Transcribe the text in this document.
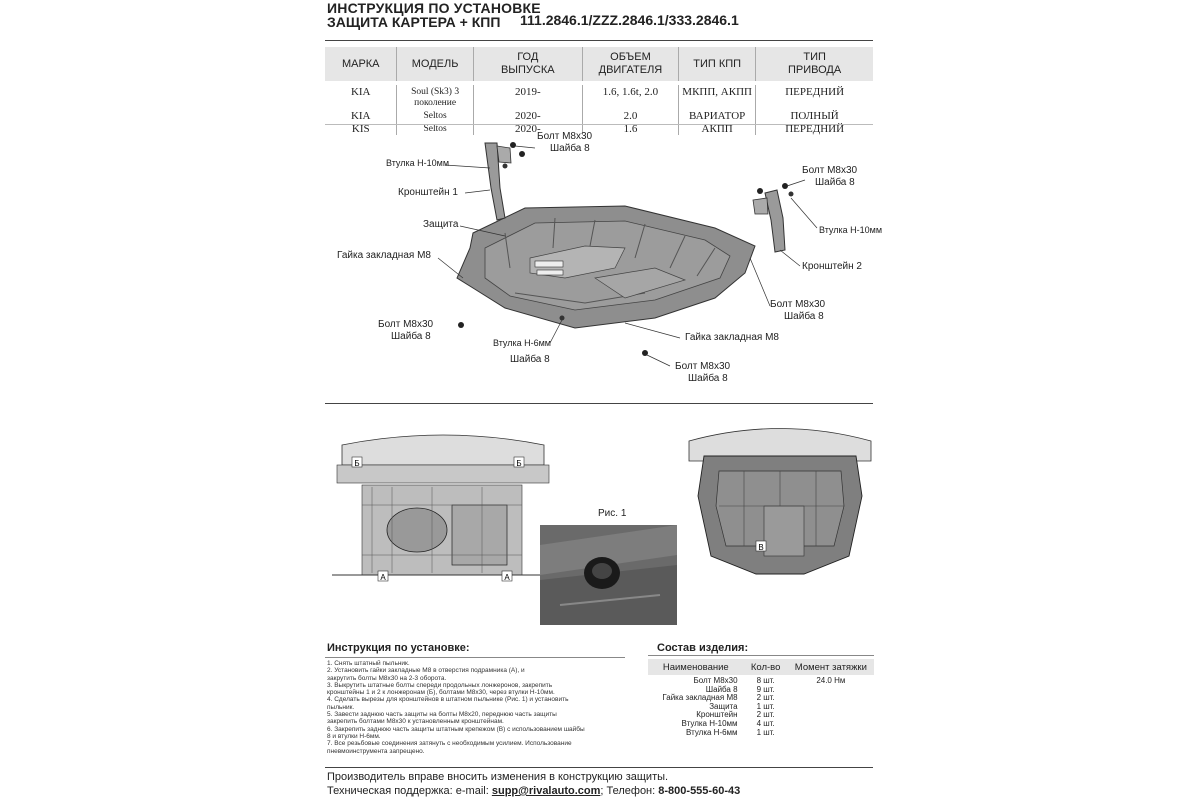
ИНСТРУКЦИЯ ПО УСТАНОВКЕ
ЗАЩИТА КАРТЕРА + КПП 111.2846.1/ZZZ.2846.1/333.2846.1
МАРКА	МОДЕЛЬ	ГОД ВЫПУСКА	ОБЪЕМ ДВИГАТЕЛЯ	ТИП КПП	ТИП ПРИВОДА

KIA	Soul (Sk3) 3 поколение	2019-	1.6, 1.6t, 2.0	МКПП, АКПП	ПЕРЕДНИЙ
KIA	Seltos	2020-	2.0	ВАРИАТОР	ПОЛНЫЙ
KIS	Seltos	2020-	1.6	АКПП	ПЕРЕДНИЙ
Болт М8х30
Шайба 8
Втулка Н-10мм
Кронштейн 1
Защита
Гайка закладная М8
Болт М8х30
Шайба 8
Втулка Н-10мм
Кронштейн 2
Болт М8х30
Шайба 8
Гайка закладная М8
Болт М8х30
Шайба 8
Втулка Н-6мм
Шайба 8
Болт М8х30
Шайба 8
А	А
Б	Б
Рис. 1
В
Инструкция по установке:
1. Снять штатный пыльник.
2. Установить гайки закладные М8 в отверстия подрамника (А), и
закрутить болты М8х30 на 2-3 оборота.
3. Выкрутить штатные болты спереди продольных лонжеронов, закрепить
кронштейны 1 и 2 к лонжеронам (Б), болтами М8х30, через втулки Н-10мм.
4. Сделать вырезы для кронштейнов в штатном пыльнике (Рис. 1) и установить
пыльник.
5. Завести заднюю часть защиты на болты М8х20, переднюю часть защиты
закрепить болтами М8х30 к установленным кронштейнам.
6. Закрепить заднюю часть защиты штатным крепежом (В) с использованием шайбы
8 и втулки Н-6мм.
7. Все резьбовые соединения затянуть с необходимым усилием. Использование
пневмоинструмента запрещено.
Состав изделия:
Наименование	Кол-во	Момент затяжки

Болт М8х30	8 шт.	24.0 Нм
Шайба 8	9 шт.	
Гайка закладная М8	2 шт.	
Защита	1 шт.	
Кронштейн	2 шт.	
Втулка Н-10мм	4 шт.	
Втулка Н-6мм	1 шт.	
Производитель вправе вносить изменения в конструкцию защиты.
Техническая поддержка: e-mail: supp@rivalauto.com; Телефон: 8-800-555-60-43
